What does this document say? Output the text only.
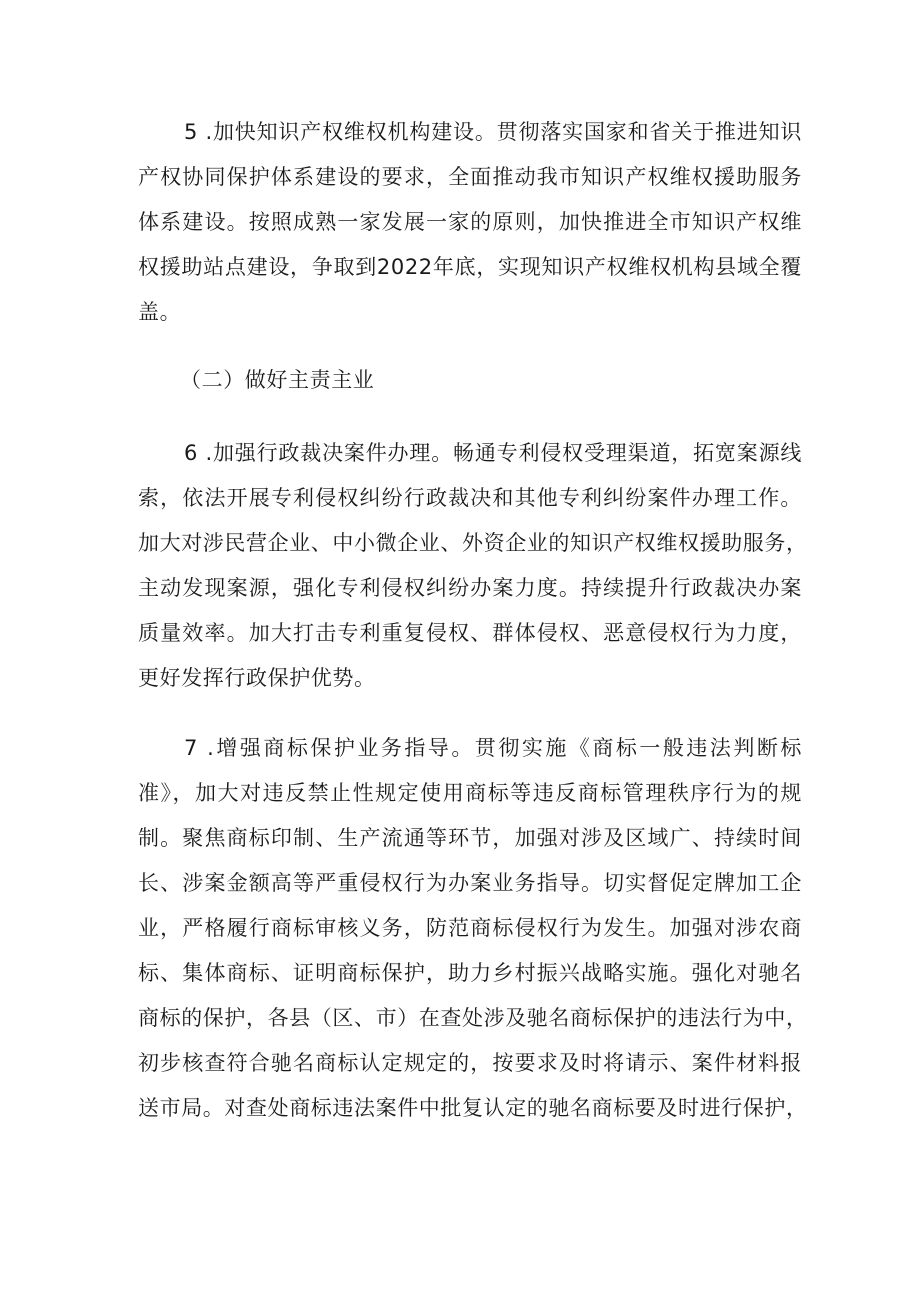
5 .加快知识产权维权机构建设。贯彻落实国家和省关于推进知识

产权协同保护体系建设的要求，全面推动我市知识产权维权援助服务

体系建设。按照成熟一家发展一家的原则，加快推进全市知识产权维

权援助站点建设，争取到2022年底，实现知识产权维权机构县域全覆

盖。

（二）做好主责主业

6 .加强行政裁决案件办理。畅通专利侵权受理渠道，拓宽案源线

索，依法开展专利侵权纠纷行政裁决和其他专利纠纷案件办理工作。

加大对涉民营企业、中小微企业、外资企业的知识产权维权援助服务，

主动发现案源，强化专利侵权纠纷办案力度。持续提升行政裁决办案

质量效率。加大打击专利重复侵权、群体侵权、恶意侵权行为力度，

更好发挥行政保护优势。

7 .增强商标保护业务指导。贯彻实施《商标一般违法判断标

准》，加大对违反禁止性规定使用商标等违反商标管理秩序行为的规

制。聚焦商标印制、生产流通等环节，加强对涉及区域广、持续时间

长、涉案金额高等严重侵权行为办案业务指导。切实督促定牌加工企

业，严格履行商标审核义务，防范商标侵权行为发生。加强对涉农商

标、集体商标、证明商标保护，助力乡村振兴战略实施。强化对驰名

商标的保护，各县（区、市）在查处涉及驰名商标保护的违法行为中，

初步核查符合驰名商标认定规定的，按要求及时将请示、案件材料报

送市局。对查处商标违法案件中批复认定的驰名商标要及时进行保护，
